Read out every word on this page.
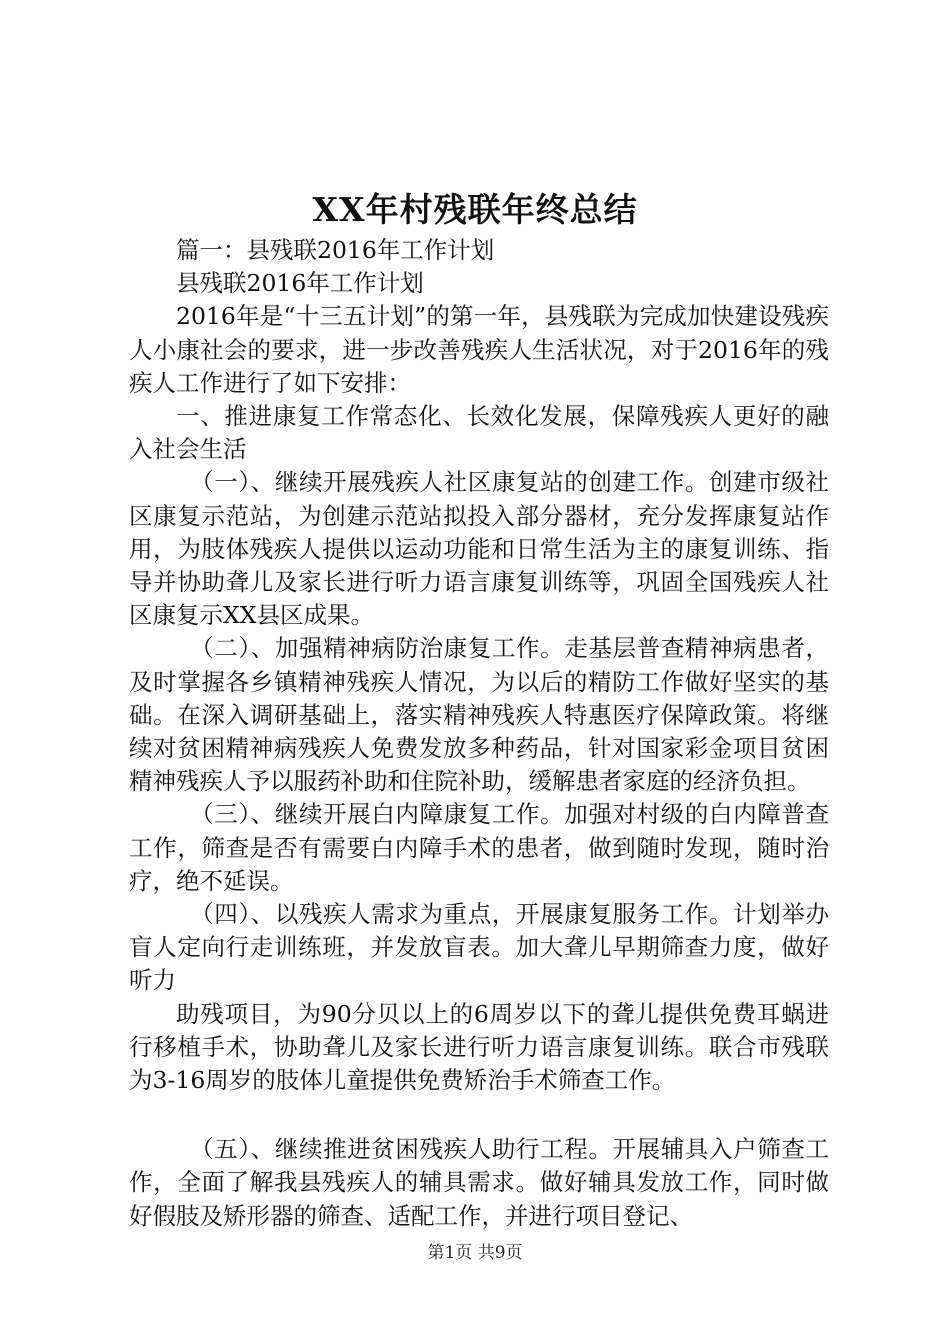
XX年村残联年终总结

篇一：县残联2016年工作计划

县残联2016年工作计划

2016年是“十三五计划”的第一年，县残联为完成加快建设残疾人小康社会的要求，进一步改善残疾人生活状况，对于2016年的残疾人工作进行了如下安排：

一、推进康复工作常态化、长效化发展，保障残疾人更好的融入社会生活

（一）、继续开展残疾人社区康复站的创建工作。创建市级社区康复示范站，为创建示范站拟投入部分器材，充分发挥康复站作用，为肢体残疾人提供以运动功能和日常生活为主的康复训练、指导并协助聋儿及家长进行听力语言康复训练等，巩固全国残疾人社区康复示XX县区成果。

（二）、加强精神病防治康复工作。走基层普查精神病患者，及时掌握各乡镇精神残疾人情况，为以后的精防工作做好坚实的基础。在深入调研基础上，落实精神残疾人特惠医疗保障政策。将继续对贫困精神病残疾人免费发放多种药品，针对国家彩金项目贫困精神残疾人予以服药补助和住院补助，缓解患者家庭的经济负担。

（三）、继续开展白内障康复工作。加强对村级的白内障普查工作，筛查是否有需要白内障手术的患者，做到随时发现，随时治疗，绝不延误。

（四）、以残疾人需求为重点，开展康复服务工作。计划举办盲人定向行走训练班，并发放盲表。加大聋儿早期筛查力度，做好听力

助残项目，为90分贝以上的6周岁以下的聋儿提供免费耳蜗进行移植手术，协助聋儿及家长进行听力语言康复训练。联合市残联为3-16周岁的肢体儿童提供免费矫治手术筛查工作。

（五）、继续推进贫困残疾人助行工程。开展辅具入户筛查工作，全面了解我县残疾人的辅具需求。做好辅具发放工作，同时做好假肢及矫形器的筛查、适配工作，并进行项目登记、

第1页 共9页
